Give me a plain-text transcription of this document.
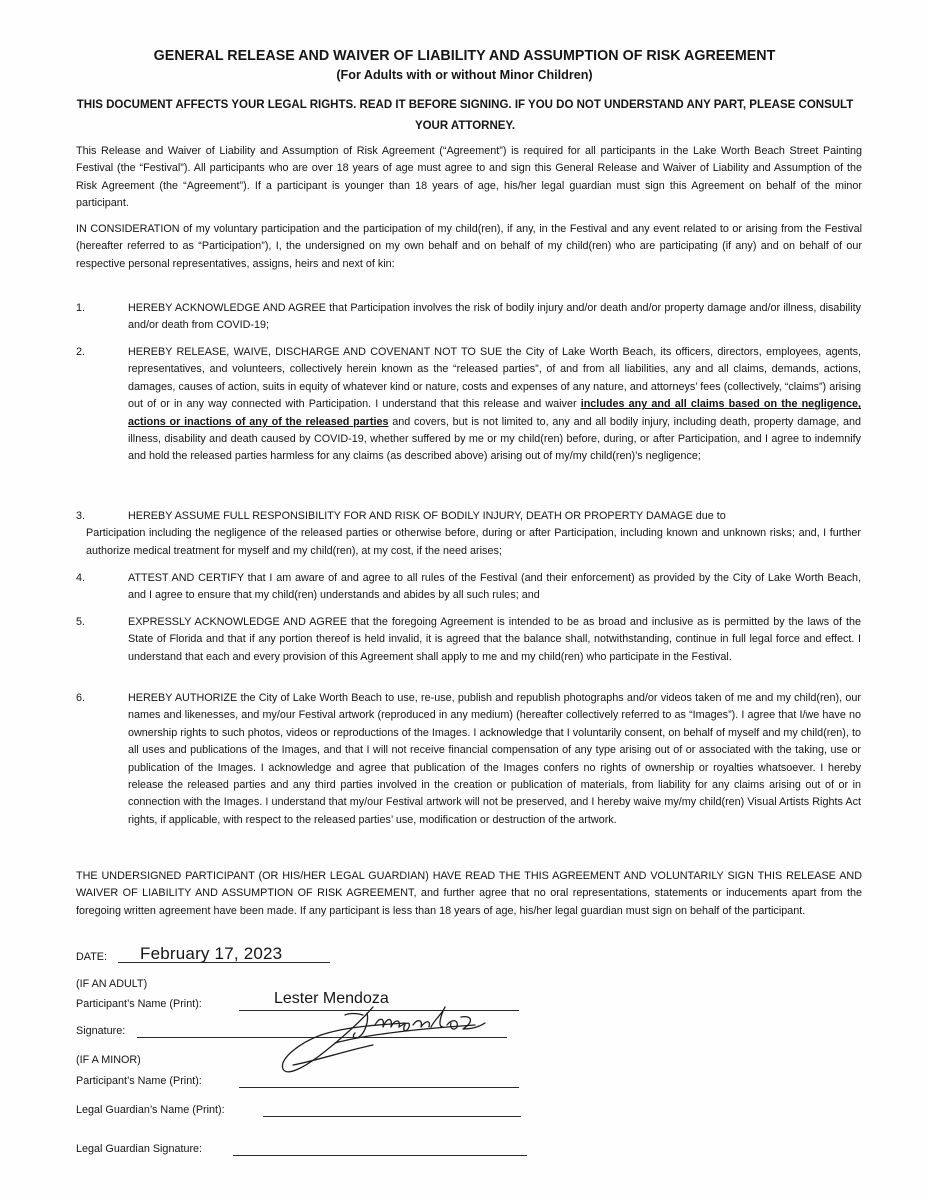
GENERAL RELEASE AND WAIVER OF LIABILITY AND ASSUMPTION OF RISK AGREEMENT
(For Adults with or without Minor Children)
THIS DOCUMENT AFFECTS YOUR LEGAL RIGHTS. READ IT BEFORE SIGNING. IF YOU DO NOT UNDERSTAND ANY PART, PLEASE CONSULT YOUR ATTORNEY.
This Release and Waiver of Liability and Assumption of Risk Agreement (“Agreement”) is required for all participants in the Lake Worth Beach Street Painting Festival (the “Festival”). All participants who are over 18 years of age must agree to and sign this General Release and Waiver of Liability and Assumption of the Risk Agreement (the “Agreement”). If a participant is younger than 18 years of age, his/her legal guardian must sign this Agreement on behalf of the minor participant.
IN CONSIDERATION of my voluntary participation and the participation of my child(ren), if any, in the Festival and any event related to or arising from the Festival (hereafter referred to as “Participation”), I, the undersigned on my own behalf and on behalf of my child(ren) who are participating (if any) and on behalf of our respective personal representatives, assigns, heirs and next of kin:
1.	HEREBY ACKNOWLEDGE AND AGREE that Participation involves the risk of bodily injury and/or death and/or property damage and/or illness, disability and/or death from COVID-19;
2.	HEREBY RELEASE, WAIVE, DISCHARGE AND COVENANT NOT TO SUE the City of Lake Worth Beach, its officers, directors, employees, agents, representatives, and volunteers, collectively herein known as the “released parties”, of and from all liabilities, any and all claims, demands, actions, damages, causes of action, suits in equity of whatever kind or nature, costs and expenses of any nature, and attorneys’ fees (collectively, “claims”) arising out of or in any way connected with Participation. I understand that this release and waiver includes any and all claims based on the negligence, actions or inactions of any of the released parties and covers, but is not limited to, any and all bodily injury, including death, property damage, and illness, disability and death caused by COVID-19, whether suffered by me or my child(ren) before, during, or after Participation, and I agree to indemnify and hold the released parties harmless for any claims (as described above) arising out of my/my child(ren)’s negligence;
3.	HEREBY ASSUME FULL RESPONSIBILITY FOR AND RISK OF BODILY INJURY, DEATH OR PROPERTY DAMAGE due to
Participation including the negligence of the released parties or otherwise before, during or after Participation, including known and unknown risks; and, I further authorize medical treatment for myself and my child(ren), at my cost, if the need arises;
4.	ATTEST AND CERTIFY that I am aware of and agree to all rules of the Festival (and their enforcement) as provided by the City of Lake Worth Beach, and I agree to ensure that my child(ren) understands and abides by all such rules; and
5.	EXPRESSLY ACKNOWLEDGE AND AGREE that the foregoing Agreement is intended to be as broad and inclusive as is permitted by the laws of the State of Florida and that if any portion thereof is held invalid, it is agreed that the balance shall, notwithstanding, continue in full legal force and effect. I understand that each and every provision of this Agreement shall apply to me and my child(ren) who participate in the Festival.
6.	HEREBY AUTHORIZE the City of Lake Worth Beach to use, re-use, publish and republish photographs and/or videos taken of me and my child(ren), our names and likenesses, and my/our Festival artwork (reproduced in any medium) (hereafter collectively referred to as “Images”). I agree that I/we have no ownership rights to such photos, videos or reproductions of the Images. I acknowledge that I voluntarily consent, on behalf of myself and my child(ren), to all uses and publications of the Images, and that I will not receive financial compensation of any type arising out of or associated with the taking, use or publication of the Images. I acknowledge and agree that publication of the Images confers no rights of ownership or royalties whatsoever. I hereby release the released parties and any third parties involved in the creation or publication of materials, from liability for any claims arising out of or in connection with the Images. I understand that my/our Festival artwork will not be preserved, and I hereby waive my/my child(ren) Visual Artists Rights Act rights, if applicable, with respect to the released parties’ use, modification or destruction of the artwork.
THE UNDERSIGNED PARTICIPANT (OR HIS/HER LEGAL GUARDIAN) HAVE READ THE THIS AGREEMENT AND VOLUNTARILY SIGN THIS RELEASE AND WAIVER OF LIABILITY AND ASSUMPTION OF RISK AGREEMENT, and further agree that no oral representations, statements or inducements apart from the foregoing written agreement have been made. If any participant is less than 18 years of age, his/her legal guardian must sign on behalf of the participant.
DATE: February 17, 2023
(IF AN ADULT)
Participant’s Name (Print):	Lester Mendoza
Signature:
(IF A MINOR)
Participant’s Name (Print):
Legal Guardian’s Name (Print):
Legal Guardian Signature:
